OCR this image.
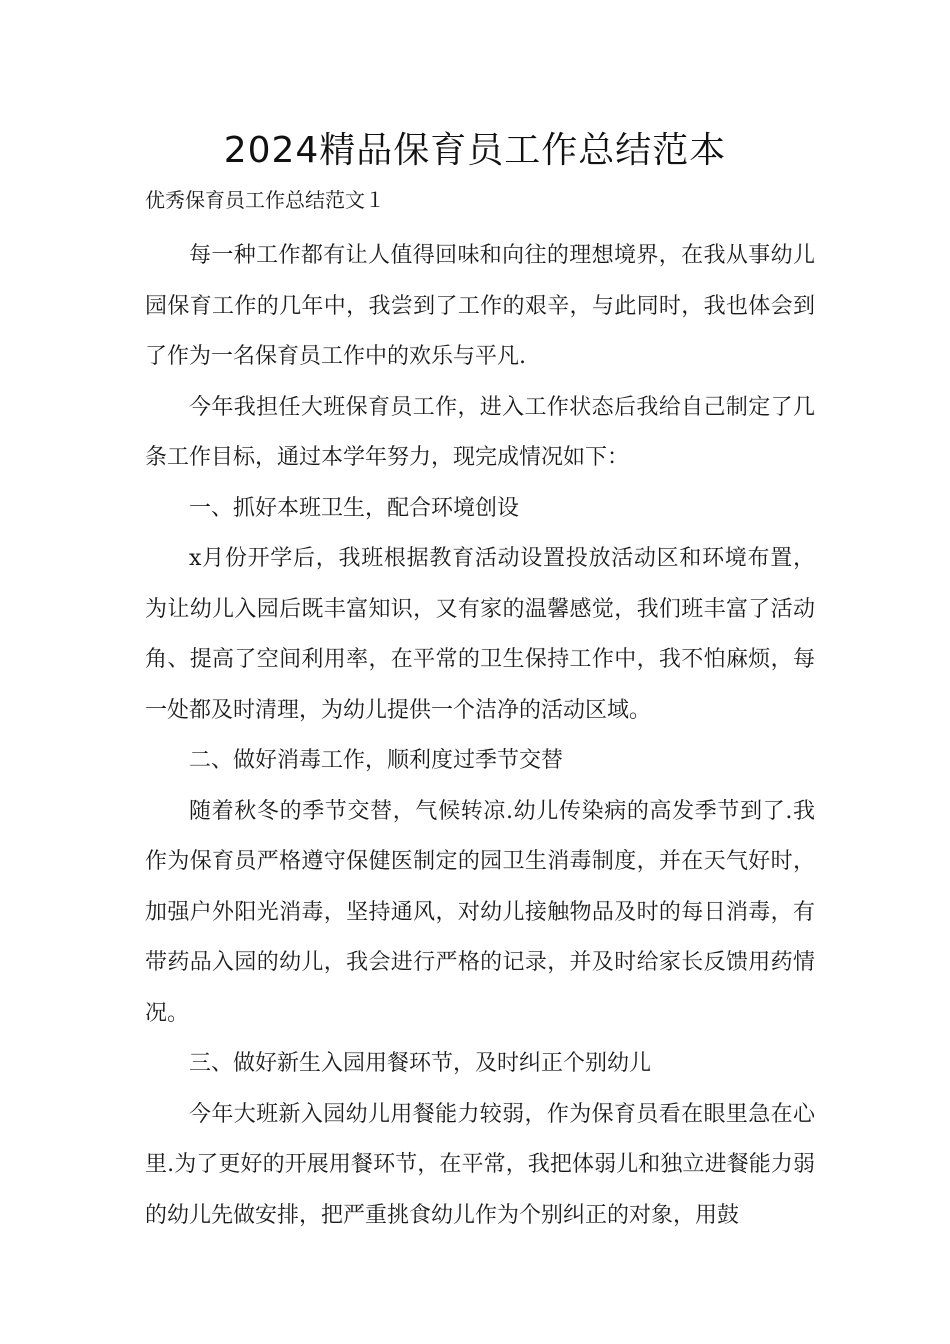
2024精品保育员工作总结范本

优秀保育员工作总结范文１

每一种工作都有让人值得回味和向往的理想境界，在我从事幼儿园保育工作的几年中，我尝到了工作的艰辛，与此同时，我也体会到了作为一名保育员工作中的欢乐与平凡.

今年我担任大班保育员工作，进入工作状态后我给自己制定了几条工作目标，通过本学年努力，现完成情况如下：

一、抓好本班卫生，配合环境创设

x月份开学后，我班根据教育活动设置投放活动区和环境布置，为让幼儿入园后既丰富知识，又有家的温馨感觉，我们班丰富了活动角、提高了空间利用率，在平常的卫生保持工作中，我不怕麻烦，每一处都及时清理，为幼儿提供一个洁净的活动区域。

二、做好消毒工作，顺利度过季节交替

随着秋冬的季节交替，气候转凉.幼儿传染病的高发季节到了.我作为保育员严格遵守保健医制定的园卫生消毒制度，并在天气好时，加强户外阳光消毒，坚持通风，对幼儿接触物品及时的每日消毒，有带药品入园的幼儿，我会进行严格的记录，并及时给家长反馈用药情况。

三、做好新生入园用餐环节，及时纠正个别幼儿

今年大班新入园幼儿用餐能力较弱，作为保育员看在眼里急在心里.为了更好的开展用餐环节，在平常，我把体弱儿和独立进餐能力弱的幼儿先做安排，把严重挑食幼儿作为个别纠正的对象，用鼓
